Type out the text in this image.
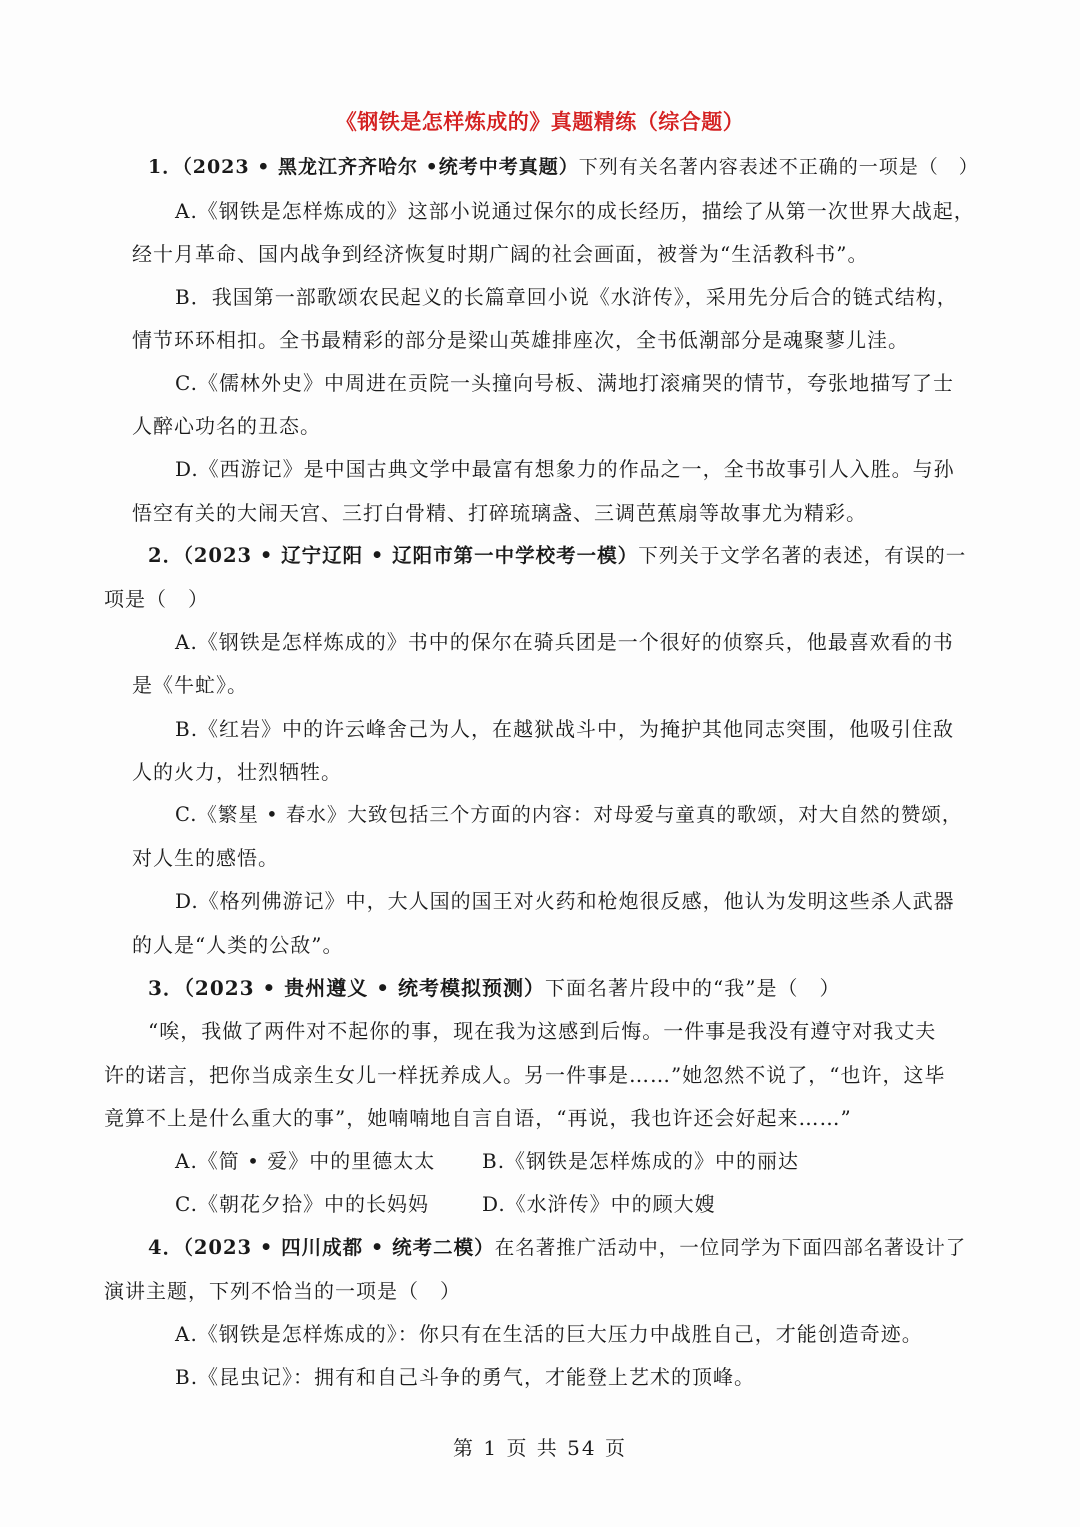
《钢铁是怎样炼成的》真题精练（综合题）
1．（2023 • 黑龙江齐齐哈尔 •统考中考真题）下列有关名著内容表述不正确的一项是（　）
A.《钢铁是怎样炼成的》这部小说通过保尔的成长经历，描绘了从第一次世界大战起，
经十月革命、国内战争到经济恢复时期广阔的社会画面，被誉为“生活教科书”。
B．我国第一部歌颂农民起义的长篇章回小说《水浒传》，采用先分后合的链式结构，
情节环环相扣。全书最精彩的部分是梁山英雄排座次，全书低潮部分是魂聚蓼儿洼。
C.《儒林外史》中周进在贡院一头撞向号板、满地打滚痛哭的情节，夸张地描写了士
人醉心功名的丑态。
D.《西游记》是中国古典文学中最富有想象力的作品之一，全书故事引人入胜。与孙
悟空有关的大闹天宫、三打白骨精、打碎琉璃盏、三调芭蕉扇等故事尤为精彩。
2．（2023 • 辽宁辽阳 • 辽阳市第一中学校考一模）下列关于文学名著的表述，有误的一
项是（　）
A.《钢铁是怎样炼成的》书中的保尔在骑兵团是一个很好的侦察兵，他最喜欢看的书
是《牛虻》。
B.《红岩》中的许云峰舍己为人，在越狱战斗中，为掩护其他同志突围，他吸引住敌
人的火力，壮烈牺牲。
C.《繁星 • 春水》大致包括三个方面的内容：对母爱与童真的歌颂，对大自然的赞颂，
对人生的感悟。
D.《格列佛游记》中，大人国的国王对火药和枪炮很反感，他认为发明这些杀人武器
的人是“人类的公敌”。
3．（2023 • 贵州遵义 • 统考模拟预测）下面名著片段中的“我”是（　）
“唉，我做了两件对不起你的事，现在我为这感到后悔。一件事是我没有遵守对我丈夫
许的诺言，把你当成亲生女儿一样抚养成人。另一件事是……”她忽然不说了，“也许，这毕
竟算不上是什么重大的事”，她喃喃地自言自语，“再说，我也许还会好起来……”
A.《简 • 爱》中的里德太太 B.《钢铁是怎样炼成的》中的丽达
C.《朝花夕拾》中的长妈妈	D.《水浒传》中的顾大嫂
4．（2023 • 四川成都 • 统考二模）在名著推广活动中，一位同学为下面四部名著设计了
演讲主题，下列不恰当的一项是（　）
A.《钢铁是怎样炼成的》：你只有在生活的巨大压力中战胜自己，才能创造奇迹。
B.《昆虫记》：拥有和自己斗争的勇气，才能登上艺术的顶峰。
第 1 页 共 54 页
